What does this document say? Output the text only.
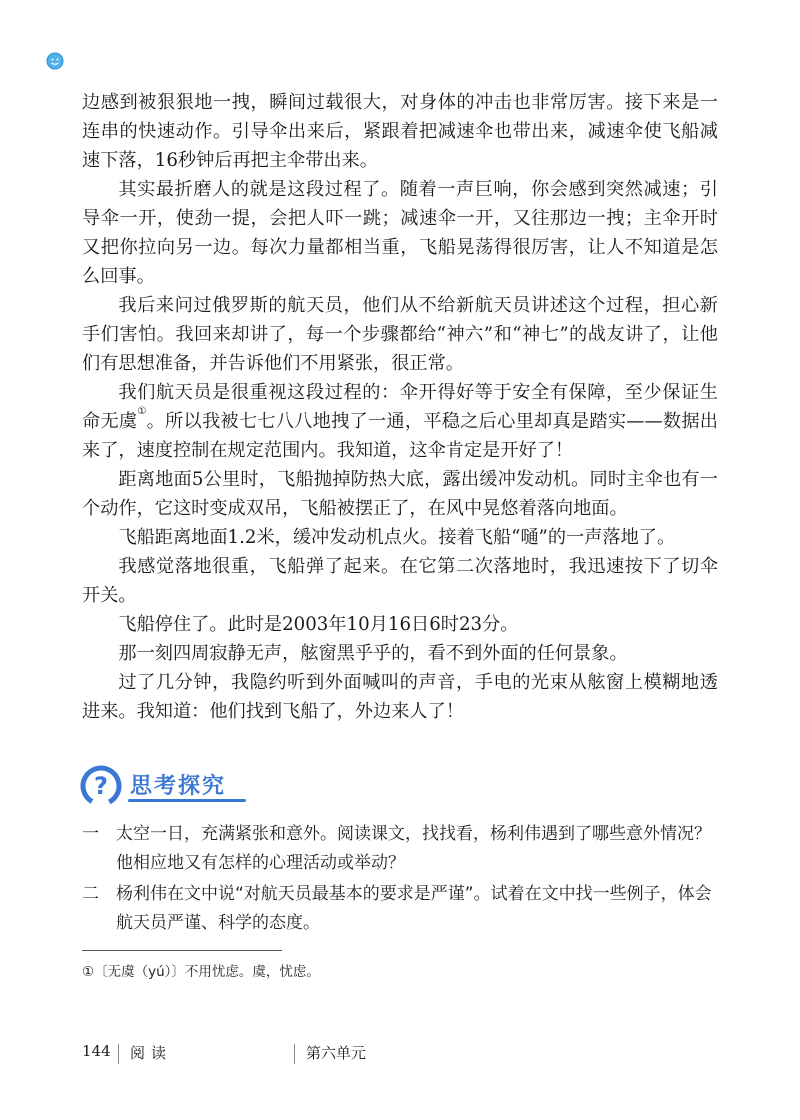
边感到被狠狠地一拽，瞬间过载很大，对身体的冲击也非常厉害。接下来是一连串的快速动作。引导伞出来后，紧跟着把减速伞也带出来，减速伞使飞船减速下落，16秒钟后再把主伞带出来。

其实最折磨人的就是这段过程了。随着一声巨响，你会感到突然减速；引导伞一开，使劲一提，会把人吓一跳；减速伞一开，又往那边一拽；主伞开时又把你拉向另一边。每次力量都相当重，飞船晃荡得很厉害，让人不知道是怎么回事。

我后来问过俄罗斯的航天员，他们从不给新航天员讲述这个过程，担心新手们害怕。我回来却讲了，每一个步骤都给“神六”和“神七”的战友讲了，让他们有思想准备，并告诉他们不用紧张，很正常。

我们航天员是很重视这段过程的：伞开得好等于安全有保障，至少保证生命无虞①。所以我被七七八八地拽了一通，平稳之后心里却真是踏实——数据出来了，速度控制在规定范围内。我知道，这伞肯定是开好了！

距离地面5公里时，飞船抛掉防热大底，露出缓冲发动机。同时主伞也有一个动作，它这时变成双吊，飞船被摆正了，在风中晃悠着落向地面。

飞船距离地面1.2米，缓冲发动机点火。接着飞船“嗵”的一声落地了。

我感觉落地很重，飞船弹了起来。在它第二次落地时，我迅速按下了切伞开关。

飞船停住了。此时是2003年10月16日6时23分。

那一刻四周寂静无声，舷窗黑乎乎的，看不到外面的任何景象。

过了几分钟，我隐约听到外面喊叫的声音，手电的光束从舷窗上模糊地透进来。我知道：他们找到飞船了，外边来人了！

? 思考探究
一 太空一日，充满紧张和意外。阅读课文，找找看，杨利伟遇到了哪些意外情况？他相应地又有怎样的心理活动或举动？
二 杨利伟在文中说“对航天员最基本的要求是严谨”。试着在文中找一些例子，体会航天员严谨、科学的态度。
①〔无虞（yú）〕不用忧虑。虞，忧虑。
144 阅读	第六单元
